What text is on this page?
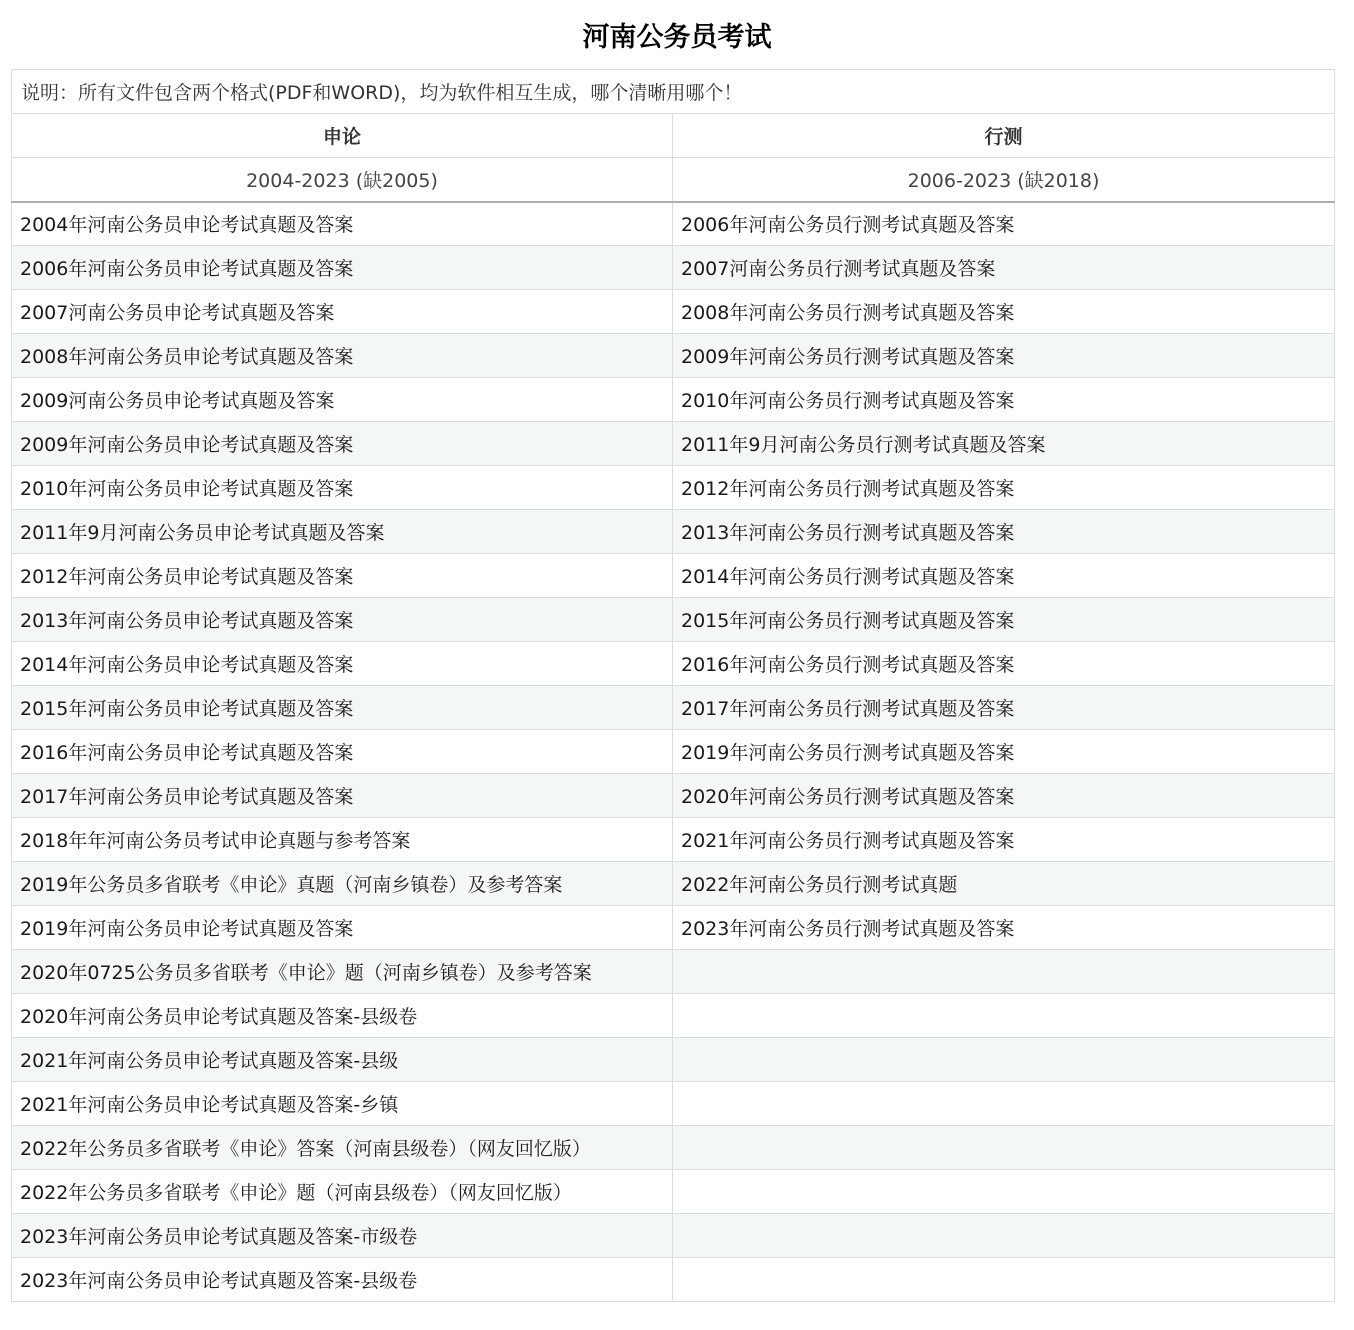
河南公务员考试
说明：所有文件包含两个格式(PDF和WORD)，均为软件相互生成，哪个清晰用哪个！	
申论	行测
2004-2023 (缺2005)	2006-2023 (缺2018)
2004年河南公务员申论考试真题及答案	2006年河南公务员行测考试真题及答案
2006年河南公务员申论考试真题及答案	2007河南公务员行测考试真题及答案
2007河南公务员申论考试真题及答案	2008年河南公务员行测考试真题及答案
2008年河南公务员申论考试真题及答案	2009年河南公务员行测考试真题及答案
2009河南公务员申论考试真题及答案	2010年河南公务员行测考试真题及答案
2009年河南公务员申论考试真题及答案	2011年9月河南公务员行测考试真题及答案
2010年河南公务员申论考试真题及答案	2012年河南公务员行测考试真题及答案
2011年9月河南公务员申论考试真题及答案	2013年河南公务员行测考试真题及答案
2012年河南公务员申论考试真题及答案	2014年河南公务员行测考试真题及答案
2013年河南公务员申论考试真题及答案	2015年河南公务员行测考试真题及答案
2014年河南公务员申论考试真题及答案	2016年河南公务员行测考试真题及答案
2015年河南公务员申论考试真题及答案	2017年河南公务员行测考试真题及答案
2016年河南公务员申论考试真题及答案	2019年河南公务员行测考试真题及答案
2017年河南公务员申论考试真题及答案	2020年河南公务员行测考试真题及答案
2018年年河南公务员考试申论真题与参考答案	2021年河南公务员行测考试真题及答案
2019年公务员多省联考《申论》真题（河南乡镇卷）及参考答案	2022年河南公务员行测考试真题
2019年河南公务员申论考试真题及答案	2023年河南公务员行测考试真题及答案
2020年0725公务员多省联考《申论》题（河南乡镇卷）及参考答案	
2020年河南公务员申论考试真题及答案-县级卷	
2021年河南公务员申论考试真题及答案-县级	
2021年河南公务员申论考试真题及答案-乡镇	
2022年公务员多省联考《申论》答案（河南县级卷）（网友回忆版）	
2022年公务员多省联考《申论》题（河南县级卷）（网友回忆版）	
2023年河南公务员申论考试真题及答案-市级卷	
2023年河南公务员申论考试真题及答案-县级卷	
